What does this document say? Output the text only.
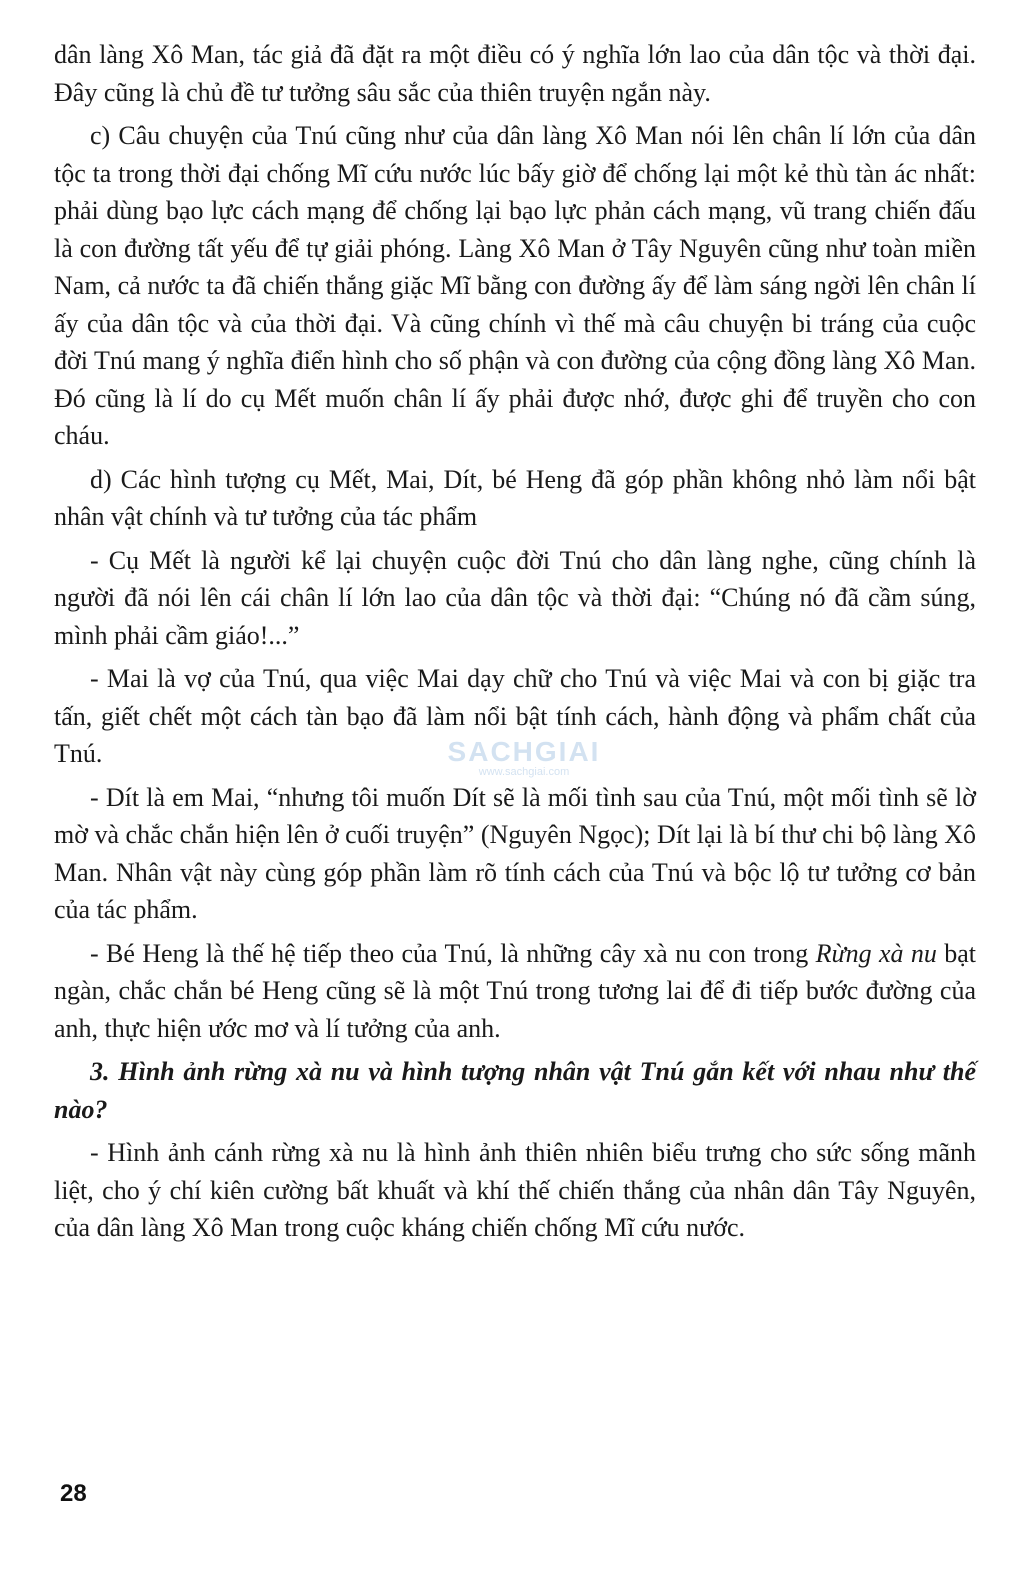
dân làng Xô Man, tác giả đã đặt ra một điều có ý nghĩa lớn lao của dân tộc và thời đại. Đây cũng là chủ đề tư tưởng sâu sắc của thiên truyện ngắn này.

c) Câu chuyện của Tnú cũng như của dân làng Xô Man nói lên chân lí lớn của dân tộc ta trong thời đại chống Mĩ cứu nước lúc bấy giờ để chống lại một kẻ thù tàn ác nhất: phải dùng bạo lực cách mạng để chống lại bạo lực phản cách mạng, vũ trang chiến đấu là con đường tất yếu để tự giải phóng. Làng Xô Man ở Tây Nguyên cũng như toàn miền Nam, cả nước ta đã chiến thắng giặc Mĩ bằng con đường ấy để làm sáng ngời lên chân lí ấy của dân tộc và của thời đại. Và cũng chính vì thế mà câu chuyện bi tráng của cuộc đời Tnú mang ý nghĩa điển hình cho số phận và con đường của cộng đồng làng Xô Man. Đó cũng là lí do cụ Mết muốn chân lí ấy phải được nhớ, được ghi để truyền cho con cháu.

d) Các hình tượng cụ Mết, Mai, Dít, bé Heng đã góp phần không nhỏ làm nổi bật nhân vật chính và tư tưởng của tác phẩm

- Cụ Mết là người kể lại chuyện cuộc đời Tnú cho dân làng nghe, cũng chính là người đã nói lên cái chân lí lớn lao của dân tộc và thời đại: “Chúng nó đã cầm súng, mình phải cầm giáo!...”

- Mai là vợ của Tnú, qua việc Mai dạy chữ cho Tnú và việc Mai và con bị giặc tra tấn, giết chết một cách tàn bạo đã làm nổi bật tính cách, hành động và phẩm chất của Tnú.

- Dít là em Mai, “nhưng tôi muốn Dít sẽ là mối tình sau của Tnú, một mối tình sẽ lờ mờ và chắc chắn hiện lên ở cuối truyện” (Nguyên Ngọc); Dít lại là bí thư chi bộ làng Xô Man. Nhân vật này cùng góp phần làm rõ tính cách của Tnú và bộc lộ tư tưởng cơ bản của tác phẩm.

- Bé Heng là thế hệ tiếp theo của Tnú, là những cây xà nu con trong Rừng xà nu bạt ngàn, chắc chắn bé Heng cũng sẽ là một Tnú trong tương lai để đi tiếp bước đường của anh, thực hiện ước mơ và lí tưởng của anh.

3. Hình ảnh rừng xà nu và hình tượng nhân vật Tnú gắn kết với nhau như thế nào?

- Hình ảnh cánh rừng xà nu là hình ảnh thiên nhiên biểu trưng cho sức sống mãnh liệt, cho ý chí kiên cường bất khuất và khí thế chiến thắng của nhân dân Tây Nguyên, của dân làng Xô Man trong cuộc kháng chiến chống Mĩ cứu nước.

SACHGIAI
www.sachgiai.com
28
